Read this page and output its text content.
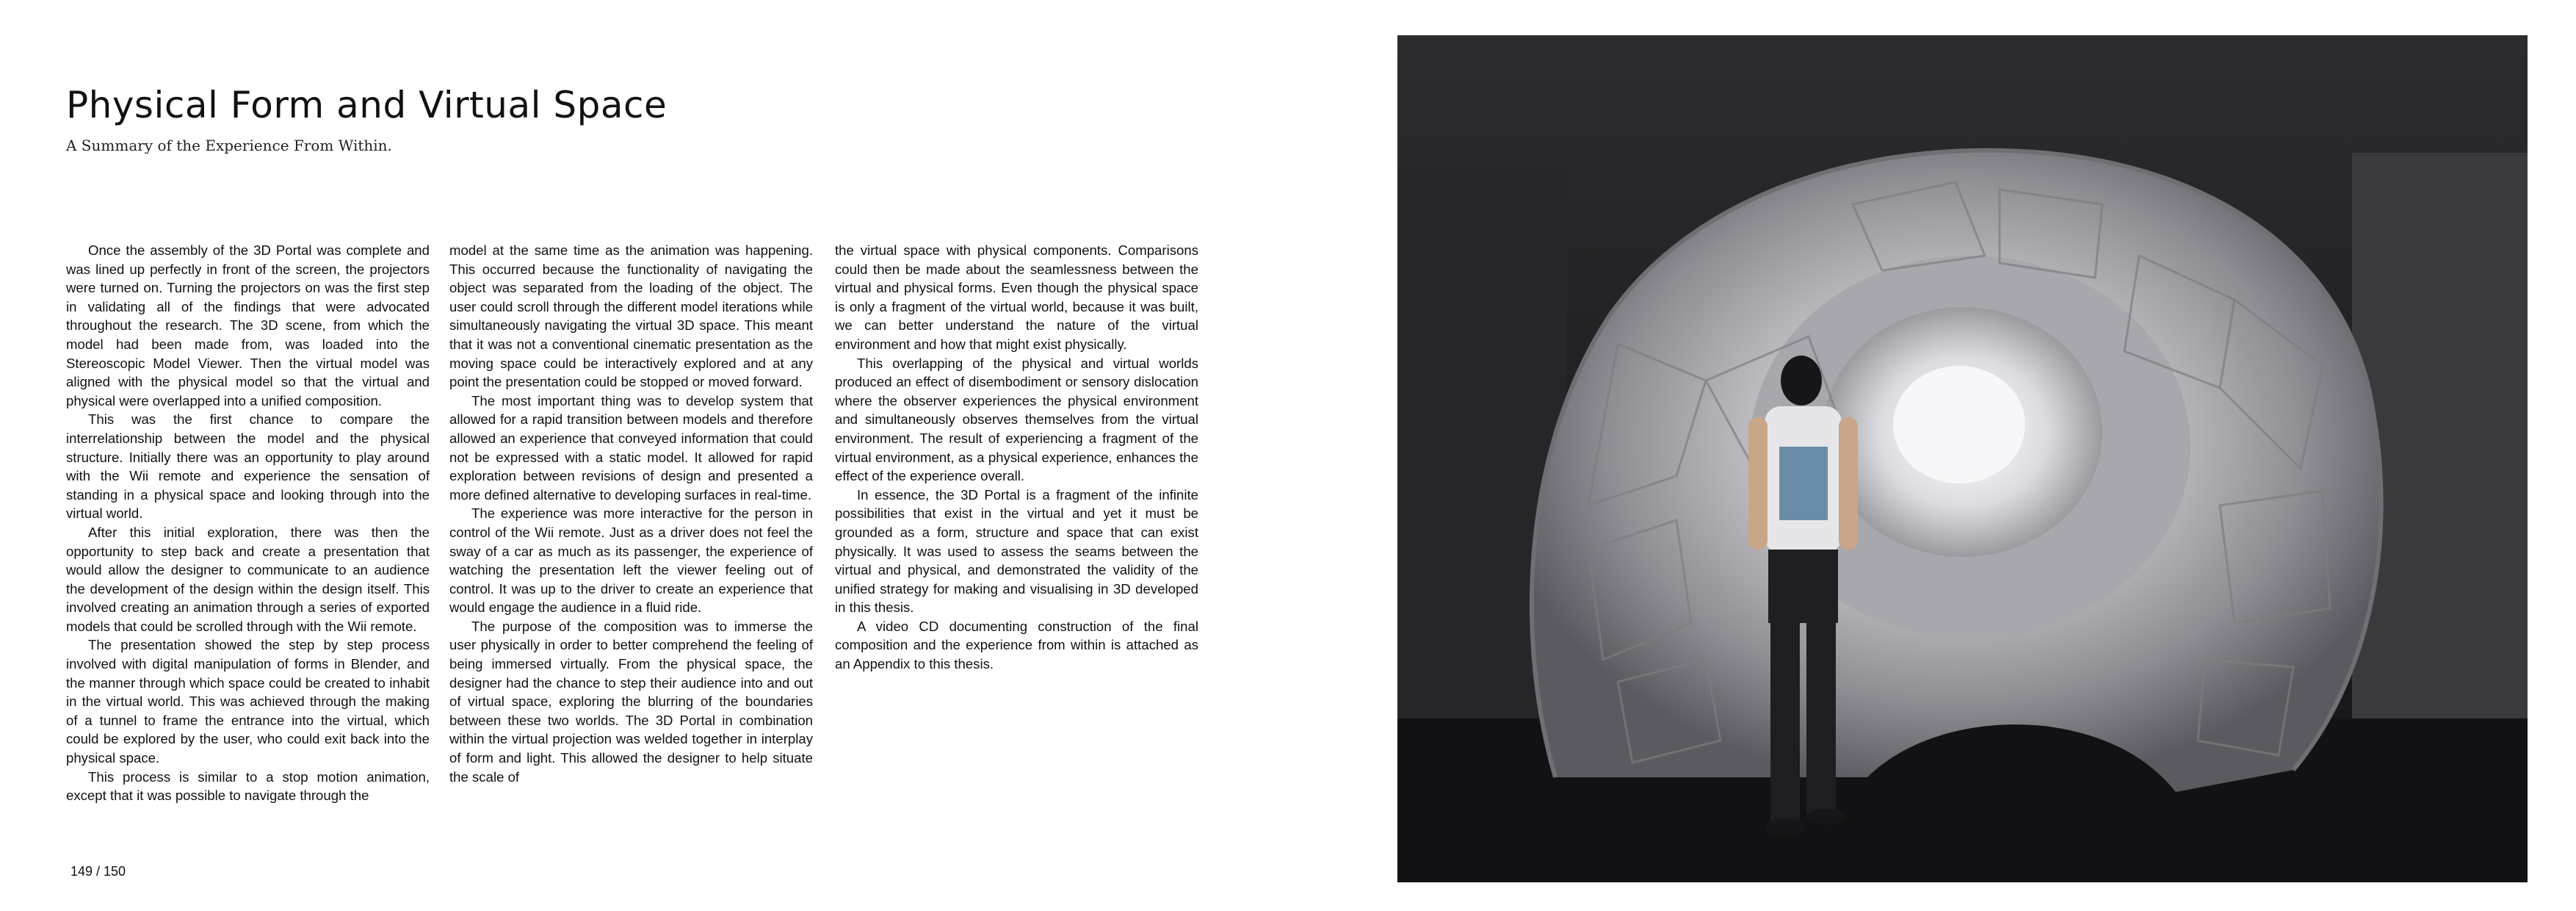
Physical Form and Virtual Space

A Summary of the Experience From Within.

Once the assembly of the 3D Portal was complete and was lined up perfectly in front of the screen, the projectors were turned on. Turning the projectors on was the first step in validating all of the findings that were advocated throughout the research. The 3D scene, from which the model had been made from, was loaded into the Stereoscopic Model Viewer. Then the virtual model was aligned with the physical model so that the virtual and physical were overlapped into a unified composition.

This was the first chance to compare the interrelationship between the model and the physical structure. Initially there was an opportunity to play around with the Wii remote and experience the sensation of standing in a physical space and looking through into the virtual world.

After this initial exploration, there was then the opportunity to step back and create a presentation that would allow the designer to communicate to an audience the development of the design within the design itself. This involved creating an animation through a series of exported models that could be scrolled through with the Wii remote.

The presentation showed the step by step process involved with digital manipulation of forms in Blender, and the manner through which space could be created to inhabit in the virtual world. This was achieved through the making of a tunnel to frame the entrance into the virtual, which could be explored by the user, who could exit back into the physical space.

This process is similar to a stop motion animation, except that it was possible to navigate through the

model at the same time as the animation was happening. This occurred because the functionality of navigating the object was separated from the loading of the object. The user could scroll through the different model iterations while simultaneously navigating the virtual 3D space. This meant that it was not a conventional cinematic presentation as the moving space could be interactively explored and at any point the presentation could be stopped or moved forward.

The most important thing was to develop system that allowed for a rapid transition between models and therefore allowed an experience that conveyed information that could not be expressed with a static model. It allowed for rapid exploration between revisions of design and presented a more defined alternative to developing surfaces in real-time.

The experience was more interactive for the person in control of the Wii remote. Just as a driver does not feel the sway of a car as much as its passenger, the experience of watching the presentation left the viewer feeling out of control. It was up to the driver to create an experience that would engage the audience in a fluid ride.

The purpose of the composition was to immerse the user physically in order to better comprehend the feeling of being immersed virtually. From the physical space, the designer had the chance to step their audience into and out of virtual space, exploring the blurring of the boundaries between these two worlds. The 3D Portal in combination within the virtual projection was welded together in interplay of form and light. This allowed the designer to help situate the scale of

the virtual space with physical components. Comparisons could then be made about the seamlessness between the virtual and physical forms. Even though the physical space is only a fragment of the virtual world, because it was built, we can better understand the nature of the virtual environment and how that might exist physically.

This overlapping of the physical and virtual worlds produced an effect of disembodiment or sensory dislocation where the observer experiences the physical environment and simultaneously observes themselves from the virtual environment. The result of experiencing a fragment of the virtual environment, as a physical experience, enhances the effect of the experience overall.

In essence, the 3D Portal is a fragment of the infinite possibilities that exist in the virtual and yet it must be grounded as a form, structure and space that can exist physically. It was used to assess the seams between the virtual and physical, and demonstrated the validity of the unified strategy for making and visualising in 3D developed in this thesis.

A video CD documenting construction of the final composition and the experience from within is attached as an Appendix to this thesis.

149 / 150
